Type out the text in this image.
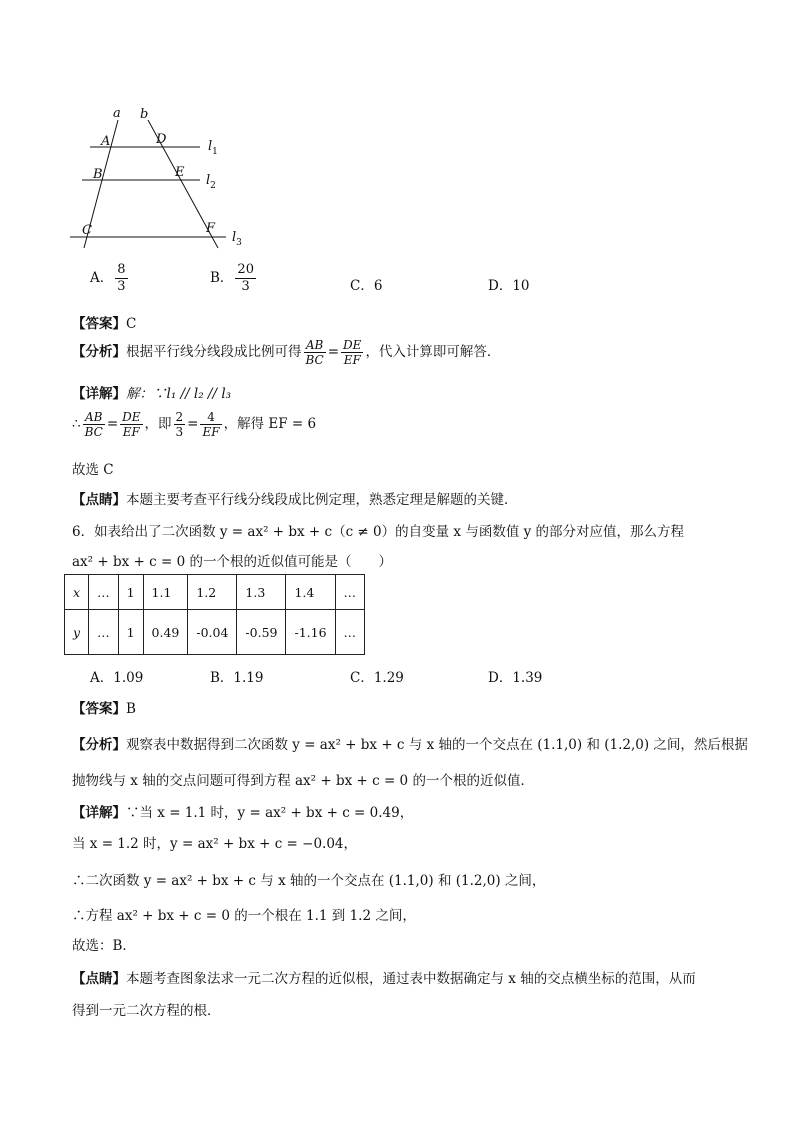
a b
A	D
B	E
C	F
$l_1$
$l_2$
$l_3$
A． $\frac{8}{3}$	B． $\frac{20}{3}$	C．6	D．10
【答案】C
【分析】根据平行线分线段成比例可得 $\frac{AB}{BC} = \frac{DE}{EF}$ ，代入计算即可解答．
【详解】解：∵l₁ // l₂ // l₃
∴ $\frac{AB}{BC} = \frac{DE}{EF}$ ，即 $\frac{2}{3} = \frac{4}{EF}$ ，解得 EF = 6
故选 C
【点睛】本题主要考查平行线分线段成比例定理，熟悉定理是解题的关键．
6．如表给出了二次函数 y = ax² + bx + c（c ≠ 0）的自变量 x 与函数值 y 的部分对应值，那么方程
ax² + bx + c = 0 的一个根的近似值可能是（　　）
x	…	1	1.1	1.2	1.3	1.4	…
y	…	1	0.49	-0.04	-0.59	-1.16	…
A．1.09	B．1.19	C．1.29	D．1.39
【答案】B
【分析】观察表中数据得到二次函数 y = ax² + bx + c 与 x 轴的一个交点在 (1.1,0) 和 (1.2,0) 之间，然后根据
抛物线与 x 轴的交点问题可得到方程 ax² + bx + c = 0 的一个根的近似值．
【详解】∵当 x = 1.1 时，y = ax² + bx + c = 0.49，
当 x = 1.2 时，y = ax² + bx + c = −0.04，
∴二次函数 y = ax² + bx + c 与 x 轴的一个交点在 (1.1,0) 和 (1.2,0) 之间，
∴方程 ax² + bx + c = 0 的一个根在 1.1 到 1.2 之间，
故选：B．
【点睛】本题考查图象法求一元二次方程的近似根，通过表中数据确定与 x 轴的交点横坐标的范围，从而
得到一元二次方程的根．
